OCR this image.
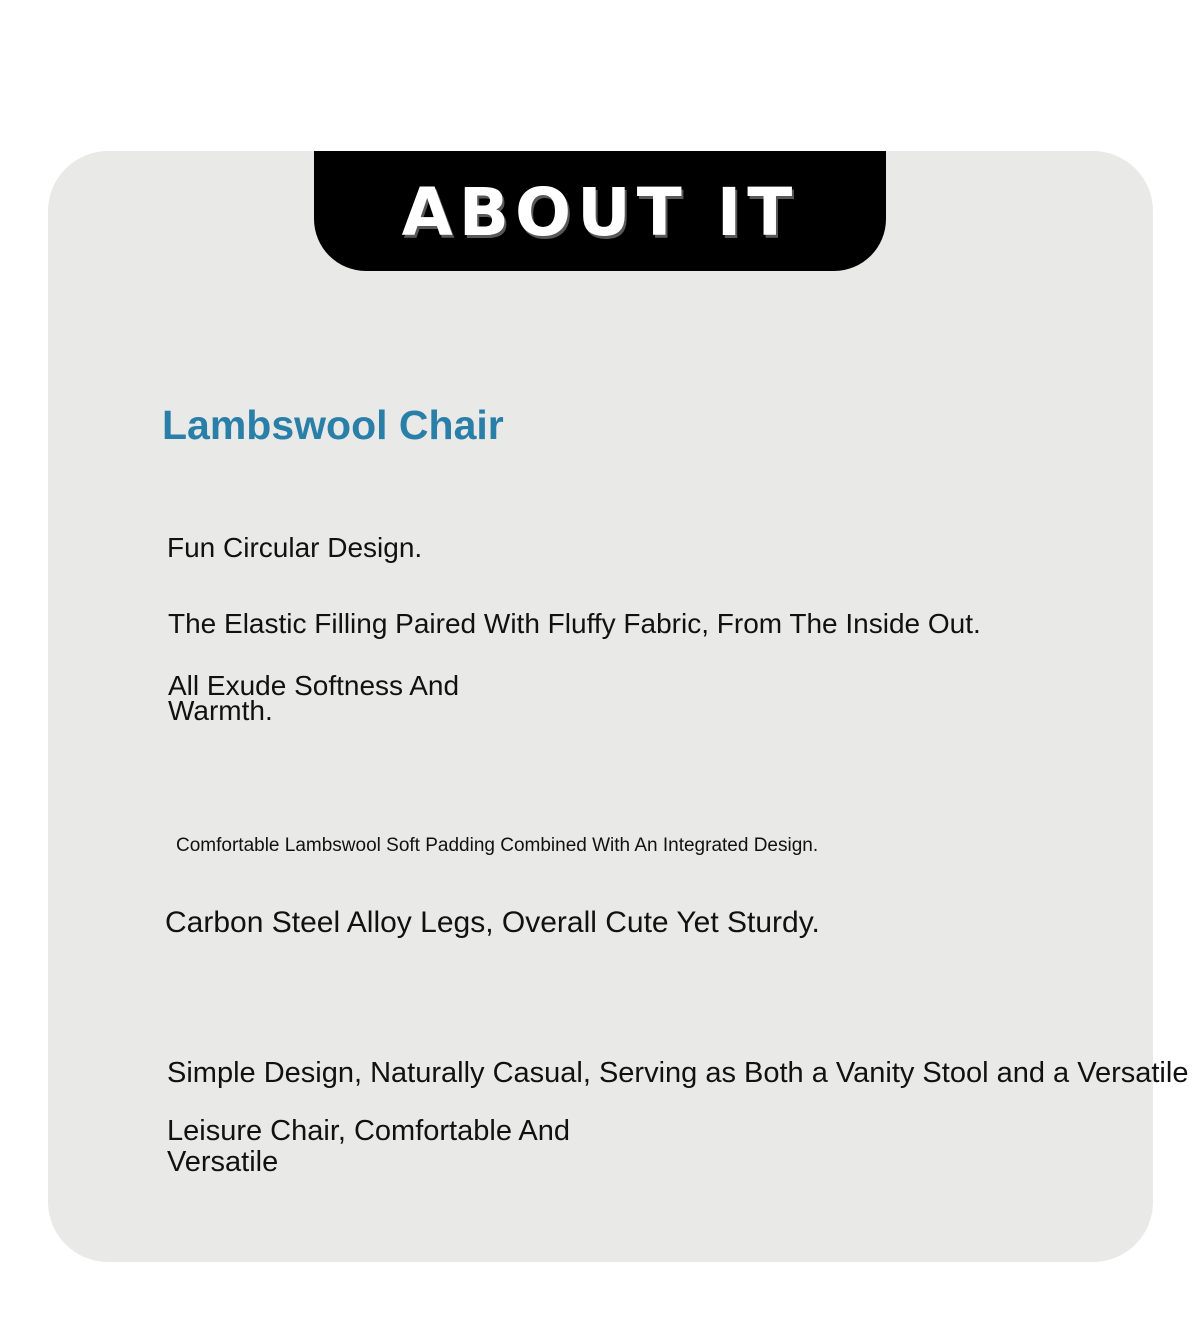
ABOUT IT
Lambswool Chair
Fun Circular Design.
The Elastic Filling Paired With Fluffy Fabric, From The Inside Out.
All Exude Softness And Warmth.
Comfortable Lambswool Soft Padding Combined With An Integrated Design.
Carbon Steel Alloy Legs, Overall Cute Yet Sturdy.
Simple Design, Naturally Casual, Serving as Both a Vanity Stool and a Versatile
Leisure Chair, Comfortable And Versatile
